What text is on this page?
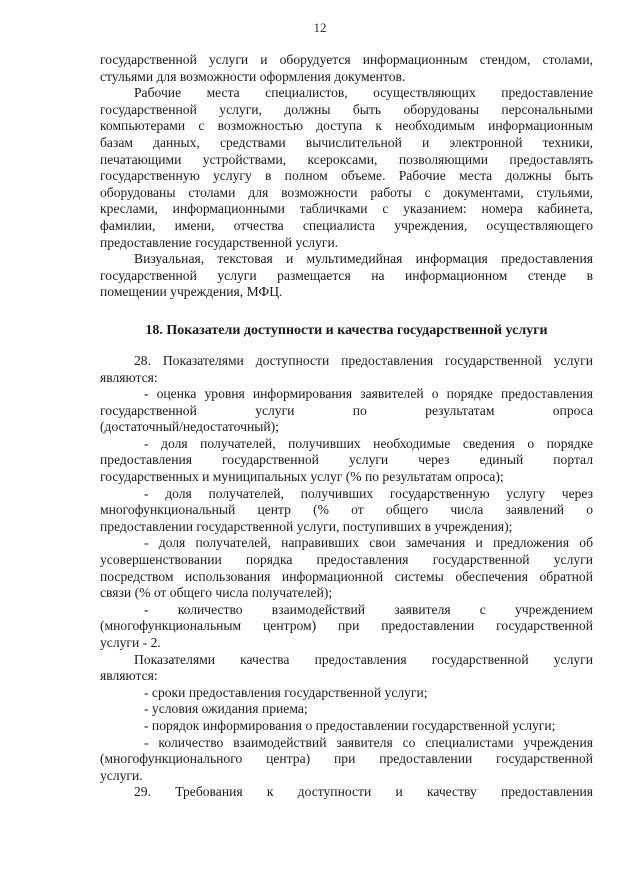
12
государственной услуги и оборудуется информационным стендом, столами,
стульями для возможности оформления документов.
Рабочие места специалистов, осуществляющих предоставление
государственной услуги, должны быть оборудованы персональными
компьютерами с возможностью доступа к необходимым информационным
базам данных, средствами вычислительной и электронной техники,
печатающими устройствами, ксероксами, позволяющими предоставлять
государственную услугу в полном объеме. Рабочие места должны быть
оборудованы столами для возможности работы с документами, стульями,
креслами, информационными табличками с указанием: номера кабинета,
фамилии, имени, отчества специалиста учреждения, осуществляющего
предоставление государственной услуги.
Визуальная, текстовая и мультимедийная информация предоставления
государственной услуги размещается на информационном стенде в
помещении учреждения, МФЦ.
18. Показатели доступности и качества государственной услуги
28. Показателями доступности предоставления государственной услуги
являются:
- оценка уровня информирования заявителей о порядке предоставления
государственной услуги по результатам опроса
(достаточный/недостаточный);
- доля получателей, получивших необходимые сведения о порядке
предоставления государственной услуги через единый портал
государственных и муниципальных услуг (% по результатам опроса);
- доля получателей, получивших государственную услугу через
многофункциональный центр (% от общего числа заявлений о
предоставлении государственной услуги, поступивших в учреждения);
- доля получателей, направивших свои замечания и предложения об
усовершенствовании порядка предоставления государственной услуги
посредством использования информационной системы обеспечения обратной
связи (% от общего числа получателей);
- количество взаимодействий заявителя с учреждением
(многофункциональным центром) при предоставлении государственной
услуги - 2.
Показателями качества предоставления государственной услуги
являются:
- сроки предоставления государственной услуги;
- условия ожидания приема;
- порядок информирования о предоставлении государственной услуги;
- количество взаимодействий заявителя со специалистами учреждения
(многофункционального центра) при предоставлении государственной
услуги.
29. Требования к доступности и качеству предоставления
